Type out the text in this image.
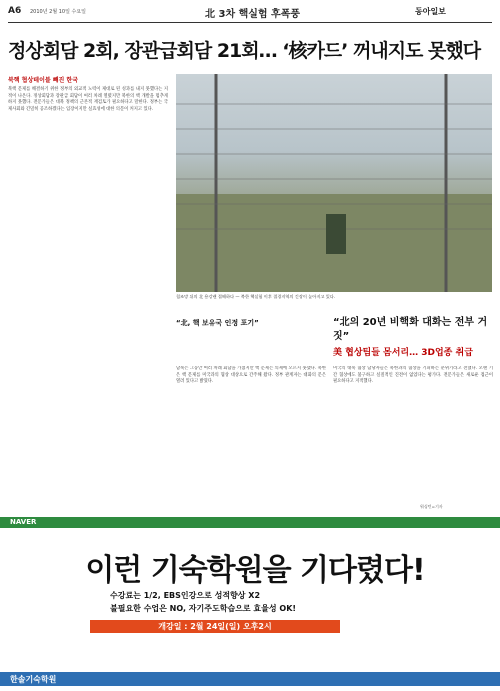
A6 2010년 2월 10일 수요일	北 3차 핵실험 후폭풍	동아일보
정상회담 2회, 장관급회담 21회… ‘核카드’ 꺼내지도 못했다
북핵 협상테이블 빼진 한국
북핵 문제를 해결하기 위한 정부의 외교적 노력이 제대로 된 성과를 내지 못했다는 지적이 나온다. 정상회담과 장관급 회담이 여러 차례 열렸지만 북한의 핵 개발을 멈추게 하지 못했다. 전문가들은 대북 정책의 근본적 재검토가 필요하다고 말한다. 정부는 국제사회와 긴밀히 공조하겠다는 입장이지만 실효성에 대한 의문이 커지고 있다.
철조망 뒤의 北 용강랜 접해하다 — 북한 핵실험 이후 접경지역의 긴장이 높아지고 있다.
“北, 핵 보유국 인정 포기”
남북은 그동안 여러 차례 회담을 가졌지만 핵 문제는 의제에 오르지 못했다. 북한은 핵 문제를 미국과의 협상 대상으로 간주해 왔다. 정부 관계자는 대화의 문은 열려 있다고 밝혔다.
“北의 20년 비핵화 대화는 전부 거짓”
美 협상팀들 몸서리… 3D업종 취급
미국의 대북 협상 담당자들은 북한과의 협상을 기피하는 분위기라고 전했다. 오랜 기간 협상에도 불구하고 실질적인 진전이 없었다는 평가다. 전문가들은 새로운 접근이 필요하다고 지적했다.
워싱턴=기자
NAVER
이런 기숙학원을 기다렸다!
수강료는 1/2, EBS인강으로 성적향상 X2
불필요한 수업은 NO, 자기주도학습으로 효율성 OK!
개강일 : 2월 24일(일) 오후2시
한솔기숙학원
